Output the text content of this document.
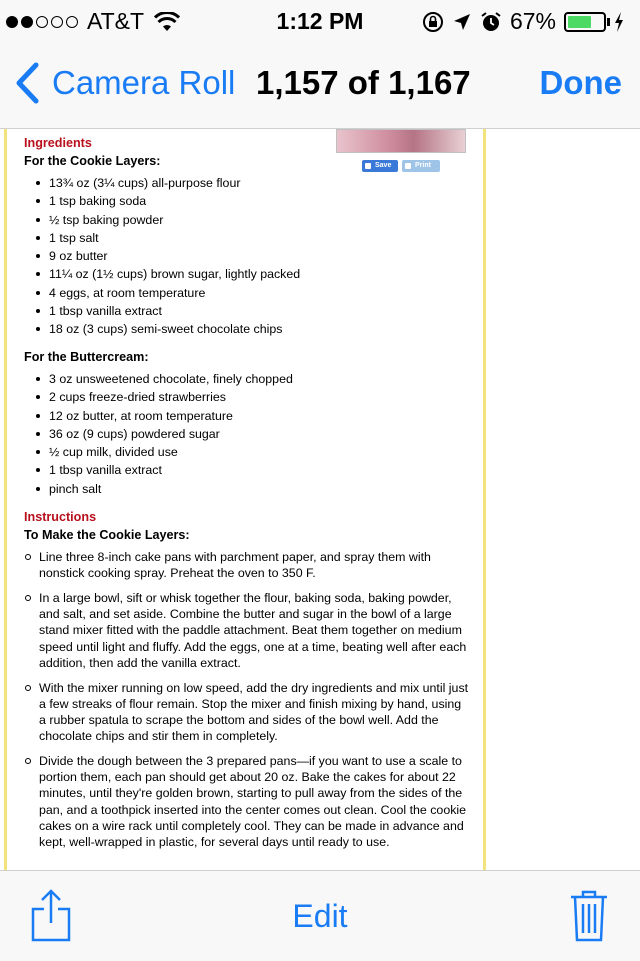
AT&T	1:12 PM	67%
Camera Roll 1,157 of 1,167 Done
Save	Print
Ingredients
For the Cookie Layers:
13¾ oz (3¼ cups) all-purpose flour
1 tsp baking soda
½ tsp baking powder
1 tsp salt
9 oz butter
11¼ oz (1½ cups) brown sugar, lightly packed
4 eggs, at room temperature
1 tbsp vanilla extract
18 oz (3 cups) semi-sweet chocolate chips
For the Buttercream:
3 oz unsweetened chocolate, finely chopped
2 cups freeze-dried strawberries
12 oz butter, at room temperature
36 oz (9 cups) powdered sugar
½ cup milk, divided use
1 tbsp vanilla extract
pinch salt
Instructions
To Make the Cookie Layers:
Line three 8-inch cake pans with parchment paper, and spray them with nonstick cooking spray. Preheat the oven to 350 F.
In a large bowl, sift or whisk together the flour, baking soda, baking powder, and salt, and set aside. Combine the butter and sugar in the bowl of a large stand mixer fitted with the paddle attachment. Beat them together on medium speed until light and fluffy. Add the eggs, one at a time, beating well after each addition, then add the vanilla extract.
With the mixer running on low speed, add the dry ingredients and mix until just a few streaks of flour remain. Stop the mixer and finish mixing by hand, using a rubber spatula to scrape the bottom and sides of the bowl well. Add the chocolate chips and stir them in completely.
Divide the dough between the 3 prepared pans—if you want to use a scale to portion them, each pan should get about 20 oz. Bake the cakes for about 22 minutes, until they're golden brown, starting to pull away from the sides of the pan, and a toothpick inserted into the center comes out clean. Cool the cookie cakes on a wire rack until completely cool. They can be made in advance and kept, well-wrapped in plastic, for several days until ready to use.
Edit
